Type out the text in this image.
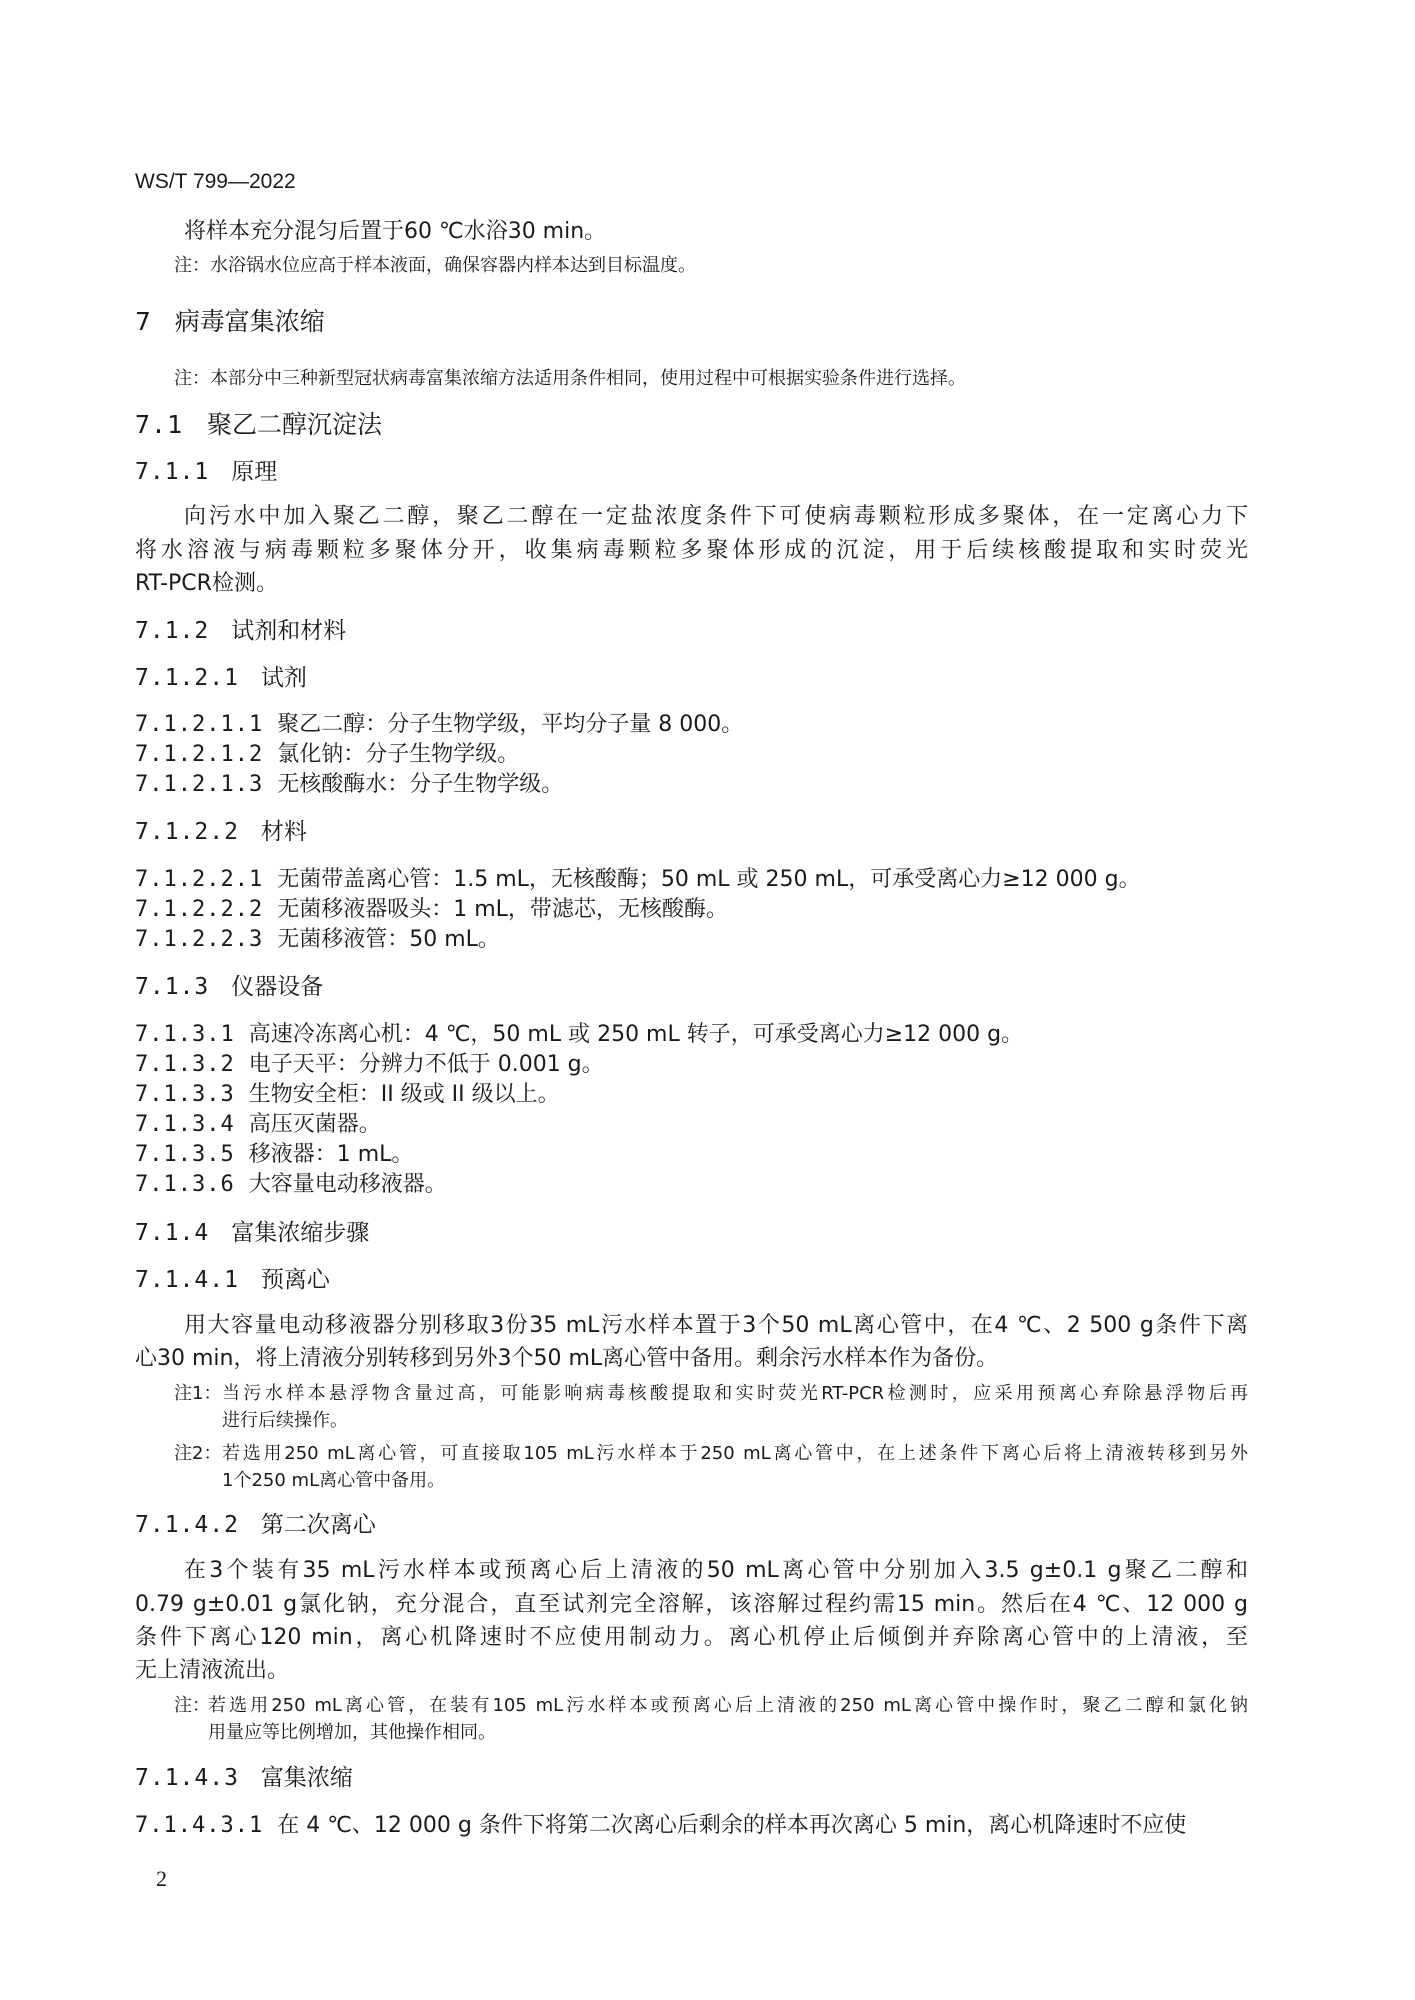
WS/T 799—2022
将样本充分混匀后置于60 ℃水浴30 min。
注：水浴锅水位应高于样本液面，确保容器内样本达到目标温度。
7 病毒富集浓缩
注：本部分中三种新型冠状病毒富集浓缩方法适用条件相同，使用过程中可根据实验条件进行选择。
7.1 聚乙二醇沉淀法
7.1.1 原理
向污水中加入聚乙二醇，聚乙二醇在一定盐浓度条件下可使病毒颗粒形成多聚体，在一定离心力下
将水溶液与病毒颗粒多聚体分开，收集病毒颗粒多聚体形成的沉淀，用于后续核酸提取和实时荧光
RT-PCR检测。
7.1.2 试剂和材料
7.1.2.1 试剂
7.1.2.1.1 聚乙二醇：分子生物学级，平均分子量 8 000。
7.1.2.1.2 氯化钠：分子生物学级。
7.1.2.1.3 无核酸酶水：分子生物学级。
7.1.2.2 材料
7.1.2.2.1 无菌带盖离心管：1.5 mL，无核酸酶；50 mL 或 250 mL，可承受离心力≥12 000 g。
7.1.2.2.2 无菌移液器吸头：1 mL，带滤芯，无核酸酶。
7.1.2.2.3 无菌移液管：50 mL。
7.1.3 仪器设备
7.1.3.1 高速冷冻离心机：4 ℃，50 mL 或 250 mL 转子，可承受离心力≥12 000 g。
7.1.3.2 电子天平：分辨力不低于 0.001 g。
7.1.3.3 生物安全柜：II 级或 II 级以上。
7.1.3.4 高压灭菌器。
7.1.3.5 移液器：1 mL。
7.1.3.6 大容量电动移液器。
7.1.4 富集浓缩步骤
7.1.4.1 预离心
用大容量电动移液器分别移取3份35 mL污水样本置于3个50 mL离心管中，在4 ℃、2 500 g条件下离
心30 min，将上清液分别转移到另外3个50 mL离心管中备用。剩余污水样本作为备份。
注1： 当污水样本悬浮物含量过高，可能影响病毒核酸提取和实时荧光RT-PCR检测时，应采用预离心弃除悬浮物后再
进行后续操作。
注2： 若选用250 mL离心管，可直接取105 mL污水样本于250 mL离心管中，在上述条件下离心后将上清液转移到另外
1个250 mL离心管中备用。
7.1.4.2 第二次离心
在3个装有35 mL污水样本或预离心后上清液的50 mL离心管中分别加入3.5 g±0.1 g聚乙二醇和
0.79 g±0.01 g氯化钠，充分混合，直至试剂完全溶解，该溶解过程约需15 min。然后在4 ℃、12 000 g
条件下离心120 min，离心机降速时不应使用制动力。离心机停止后倾倒并弃除离心管中的上清液，至
无上清液流出。
注：
若选用250 mL离心管，在装有105 mL污水样本或预离心后上清液的250 mL离心管中操作时，聚乙二醇和氯化钠
用量应等比例增加，其他操作相同。
7.1.4.3 富集浓缩
7.1.4.3.1 在 4 ℃、12 000 g 条件下将第二次离心后剩余的样本再次离心 5 min，离心机降速时不应使
2
